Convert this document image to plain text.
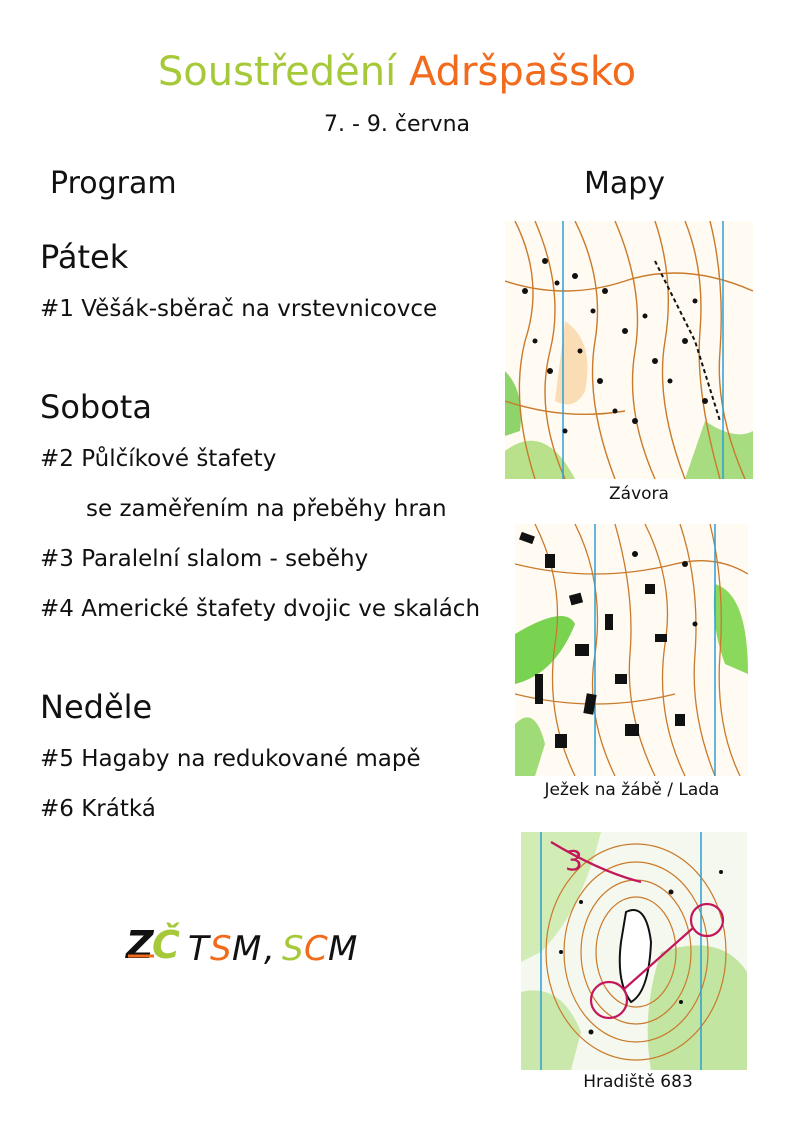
Soustředění Adršpašsko
7. - 9. června
Program	Mapy
Pátek
#1 Věšák-sběrač na vrstevnicovce
Sobota
#2 Půlčíkové štafety
se zaměřením na přeběhy hran
#3 Paralelní slalom - seběhy
#4 Americké štafety dvojic ve skalách
Neděle
#5 Hagaby na redukované mapě
#6 Krátká
Z
Č T S M , S C M
Závora
Ježek na žábě / Lada
3
Hradiště 683
